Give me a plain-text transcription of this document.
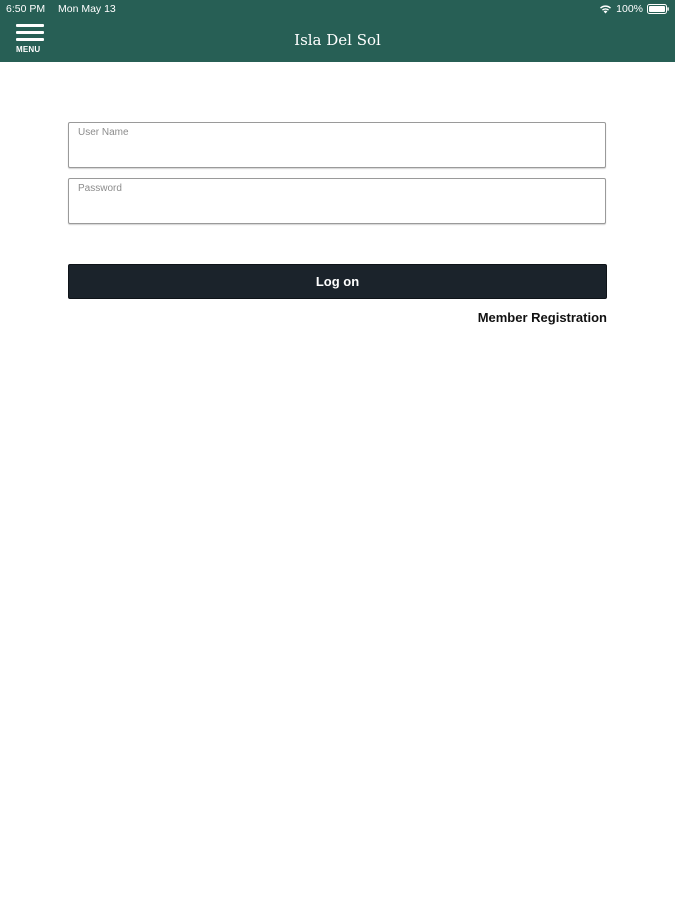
6:50 PM Mon May 13	100%
MENU
Isla Del Sol
User Name
Password
Log on
Member Registration
